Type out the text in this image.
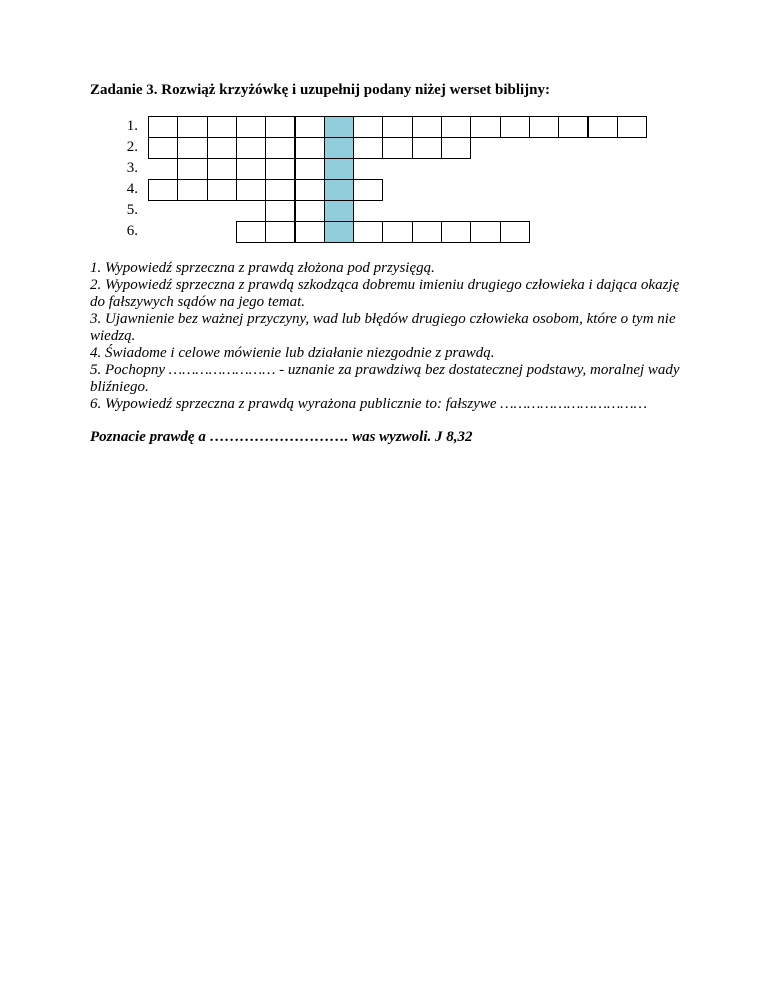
Zadanie 3. Rozwiąż krzyżówkę i uzupełnij podany niżej werset biblijny:
1.
2.
3.
4.
5.
6.
1. Wypowiedź sprzeczna z prawdą złożona pod przysięgą.
2. Wypowiedź sprzeczna z prawdą szkodząca dobremu imieniu drugiego człowieka i dająca okazję do fałszywych sądów na jego temat.
3. Ujawnienie bez ważnej przyczyny, wad lub błędów drugiego człowieka osobom, które o tym nie wiedzą.
4. Świadome i celowe mówienie lub działanie niezgodnie z prawdą.
5. Pochopny …………………… - uznanie za prawdziwą bez dostatecznej podstawy, moralnej wady bliźniego.
6. Wypowiedź sprzeczna z prawdą wyrażona publicznie to: fałszywe ……………………………
Poznacie prawdę a ………………………. was wyzwoli. J 8,32
